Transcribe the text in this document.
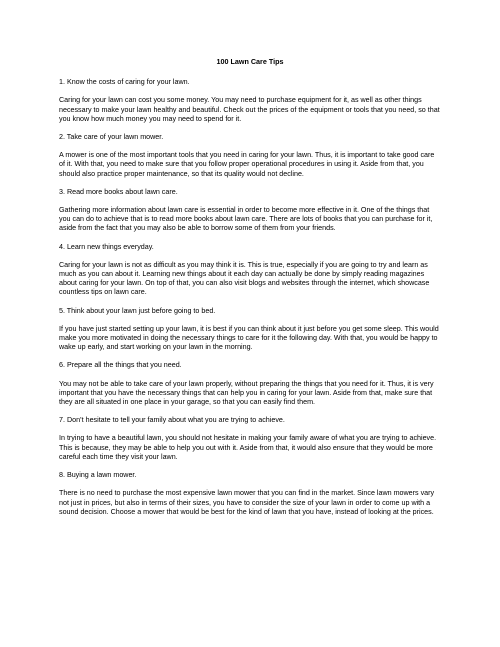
100 Lawn Care Tips

1. Know the costs of caring for your lawn.

Caring for your lawn can cost you some money. You may need to purchase equipment for it, as well as other things necessary to make your lawn healthy and beautiful. Check out the prices of the equipment or tools that you need, so that you know how much money you may need to spend for it.

2. Take care of your lawn mower.

A mower is one of the most important tools that you need in caring for your lawn. Thus, it is important to take good care of it. With that, you need to make sure that you follow proper operational procedures in using it. Aside from that, you should also practice proper maintenance, so that its quality would not decline.

3. Read more books about lawn care.

Gathering more information about lawn care is essential in order to become more effective in it. One of the things that you can do to achieve that is to read more books about lawn care. There are lots of books that you can purchase for it, aside from the fact that you may also be able to borrow some of them from your friends.

4. Learn new things everyday.

Caring for your lawn is not as difficult as you may think it is. This is true, especially if you are going to try and learn as much as you can about it. Learning new things about it each day can actually be done by simply reading magazines about caring for your lawn. On top of that, you can also visit blogs and websites through the internet, which showcase countless tips on lawn care.

5. Think about your lawn just before going to bed.

If you have just started setting up your lawn, it is best if you can think about it just before you get some sleep. This would make you more motivated in doing the necessary things to care for it the following day. With that, you would be happy to wake up early, and start working on your lawn in the morning.

6. Prepare all the things that you need.

You may not be able to take care of your lawn properly, without preparing the things that you need for it. Thus, it is very important that you have the necessary things that can help you in caring for your lawn. Aside from that, make sure that they are all situated in one place in your garage, so that you can easily find them.

7. Don’t hesitate to tell your family about what you are trying to achieve.

In trying to have a beautiful lawn, you should not hesitate in making your family aware of what you are trying to achieve. This is because, they may be able to help you out with it. Aside from that, it would also ensure that they would be more careful each time they visit your lawn.

8. Buying a lawn mower.

There is no need to purchase the most expensive lawn mower that you can find in the market. Since lawn mowers vary not just in prices, but also in terms of their sizes, you have to consider the size of your lawn in order to come up with a sound decision. Choose a mower that would be best for the kind of lawn that you have, instead of looking at the prices.
